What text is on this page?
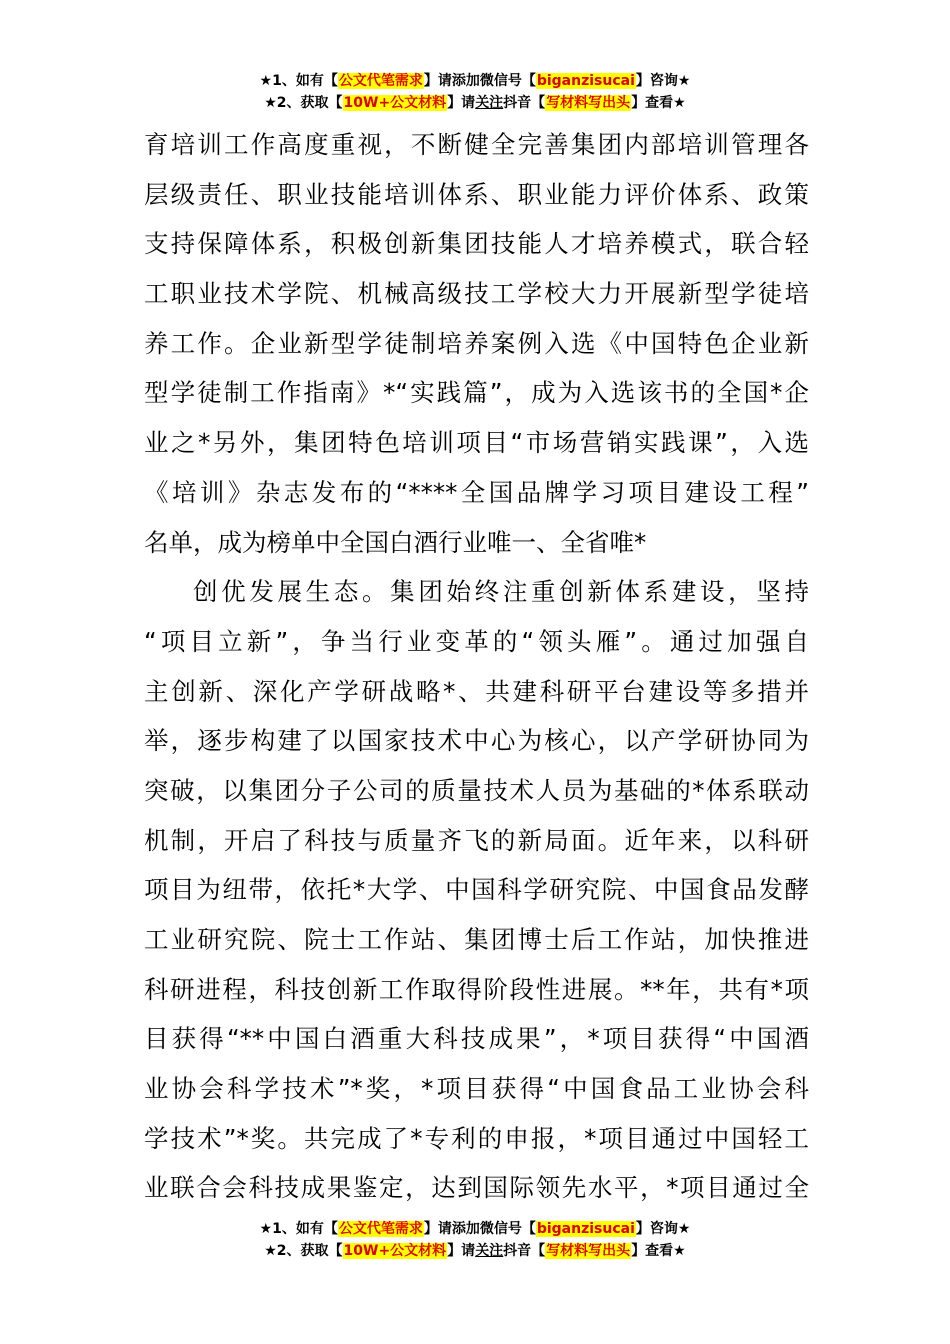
★1、如有【公文代笔需求】请添加微信号【biganzisucai】咨询★
★2、获取【10W+公文材料】请关注抖音【写材料写出头】查看★
育培训工作高度重视，不断健全完善集团内部培训管理各
层级责任、职业技能培训体系、职业能力评价体系、政策
支持保障体系，积极创新集团技能人才培养模式，联合轻
工职业技术学院、机械高级技工学校大力开展新型学徒培
养工作。企业新型学徒制培养案例入选《中国特色企业新
型学徒制工作指南》*“实践篇”，成为入选该书的全国*企
业之*另外，集团特色培训项目“市场营销实践课”，入选
《培训》杂志发布的“****全国品牌学习项目建设工程”
名单，成为榜单中全国白酒行业唯一、全省唯*
创优发展生态。集团始终注重创新体系建设，坚持
“项目立新”，争当行业变革的“领头雁”。通过加强自
主创新、深化产学研战略*、共建科研平台建设等多措并
举，逐步构建了以国家技术中心为核心，以产学研协同为
突破，以集团分子公司的质量技术人员为基础的*体系联动
机制，开启了科技与质量齐飞的新局面。近年来，以科研
项目为纽带，依托*大学、中国科学研究院、中国食品发酵
工业研究院、院士工作站、集团博士后工作站，加快推进
科研进程，科技创新工作取得阶段性进展。**年，共有*项
目获得“**中国白酒重大科技成果”，*项目获得“中国酒
业协会科学技术”*奖，*项目获得“中国食品工业协会科
学技术”*奖。共完成了*专利的申报，*项目通过中国轻工
业联合会科技成果鉴定，达到国际领先水平，*项目通过全
★1、如有【公文代笔需求】请添加微信号【biganzisucai】咨询★
★2、获取【10W+公文材料】请关注抖音【写材料写出头】查看★
